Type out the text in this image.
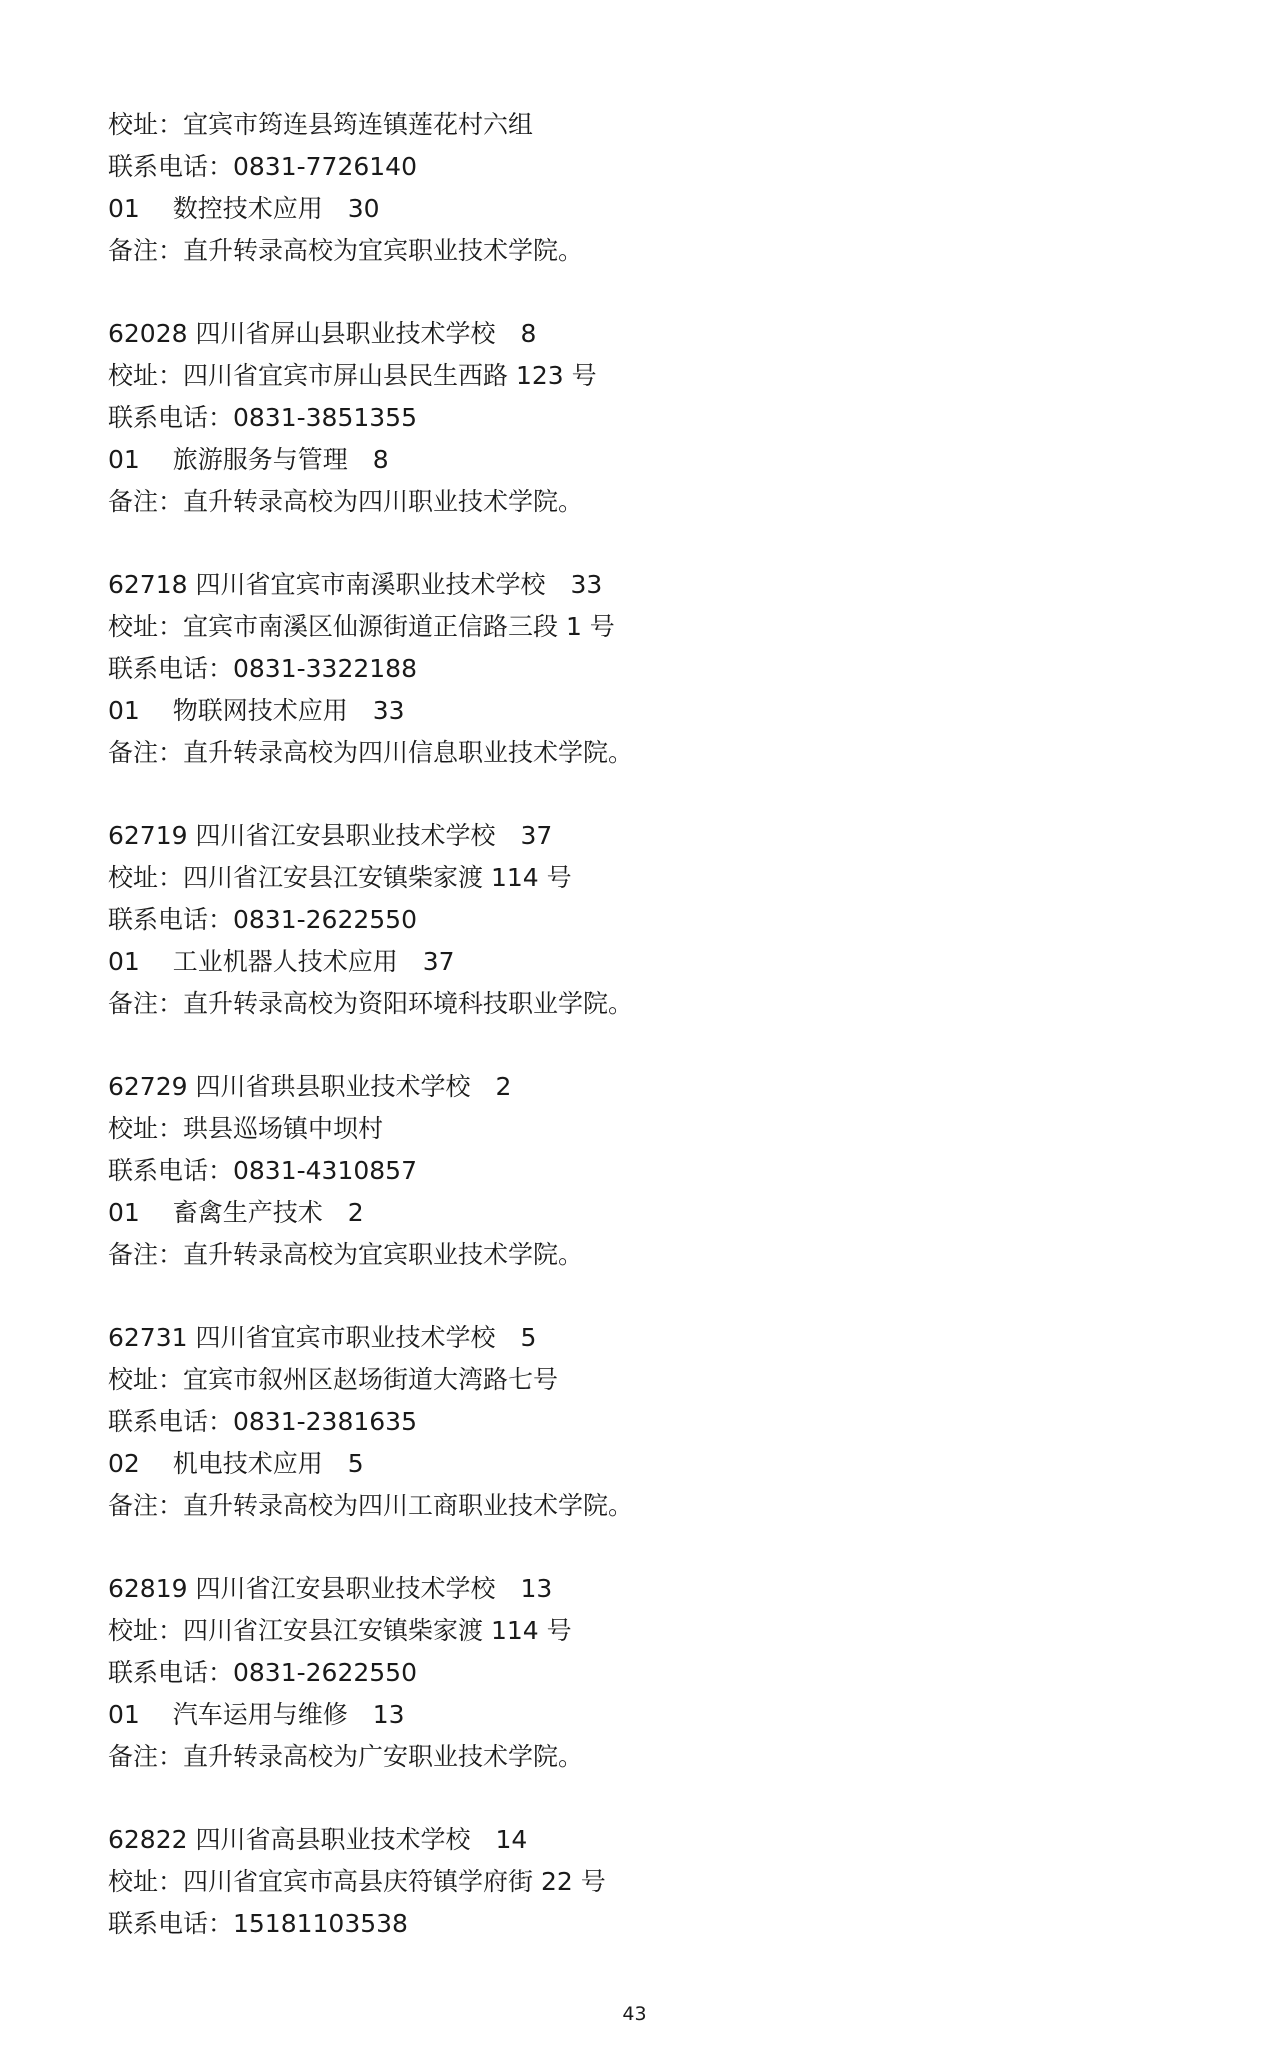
校址：宜宾市筠连县筠连镇莲花村六组
联系电话：0831-7726140
01　 数控技术应用　30
备注：直升转录高校为宜宾职业技术学院。
62028 四川省屏山县职业技术学校　8
校址：四川省宜宾市屏山县民生西路 123 号
联系电话：0831-3851355
01　 旅游服务与管理　8
备注：直升转录高校为四川职业技术学院。
62718 四川省宜宾市南溪职业技术学校　33
校址：宜宾市南溪区仙源街道正信路三段 1 号
联系电话：0831-3322188
01　 物联网技术应用　33
备注：直升转录高校为四川信息职业技术学院。
62719 四川省江安县职业技术学校　37
校址：四川省江安县江安镇柴家渡 114 号
联系电话：0831-2622550
01　 工业机器人技术应用　37
备注：直升转录高校为资阳环境科技职业学院。
62729 四川省珙县职业技术学校　2
校址：珙县巡场镇中坝村
联系电话：0831-4310857
01　 畜禽生产技术　2
备注：直升转录高校为宜宾职业技术学院。
62731 四川省宜宾市职业技术学校　5
校址：宜宾市叙州区赵场街道大湾路七号
联系电话：0831-2381635
02　 机电技术应用　5
备注：直升转录高校为四川工商职业技术学院。
62819 四川省江安县职业技术学校　13
校址：四川省江安县江安镇柴家渡 114 号
联系电话：0831-2622550
01　 汽车运用与维修　13
备注：直升转录高校为广安职业技术学院。
62822 四川省高县职业技术学校　14
校址：四川省宜宾市高县庆符镇学府街 22 号
联系电话：15181103538
43
